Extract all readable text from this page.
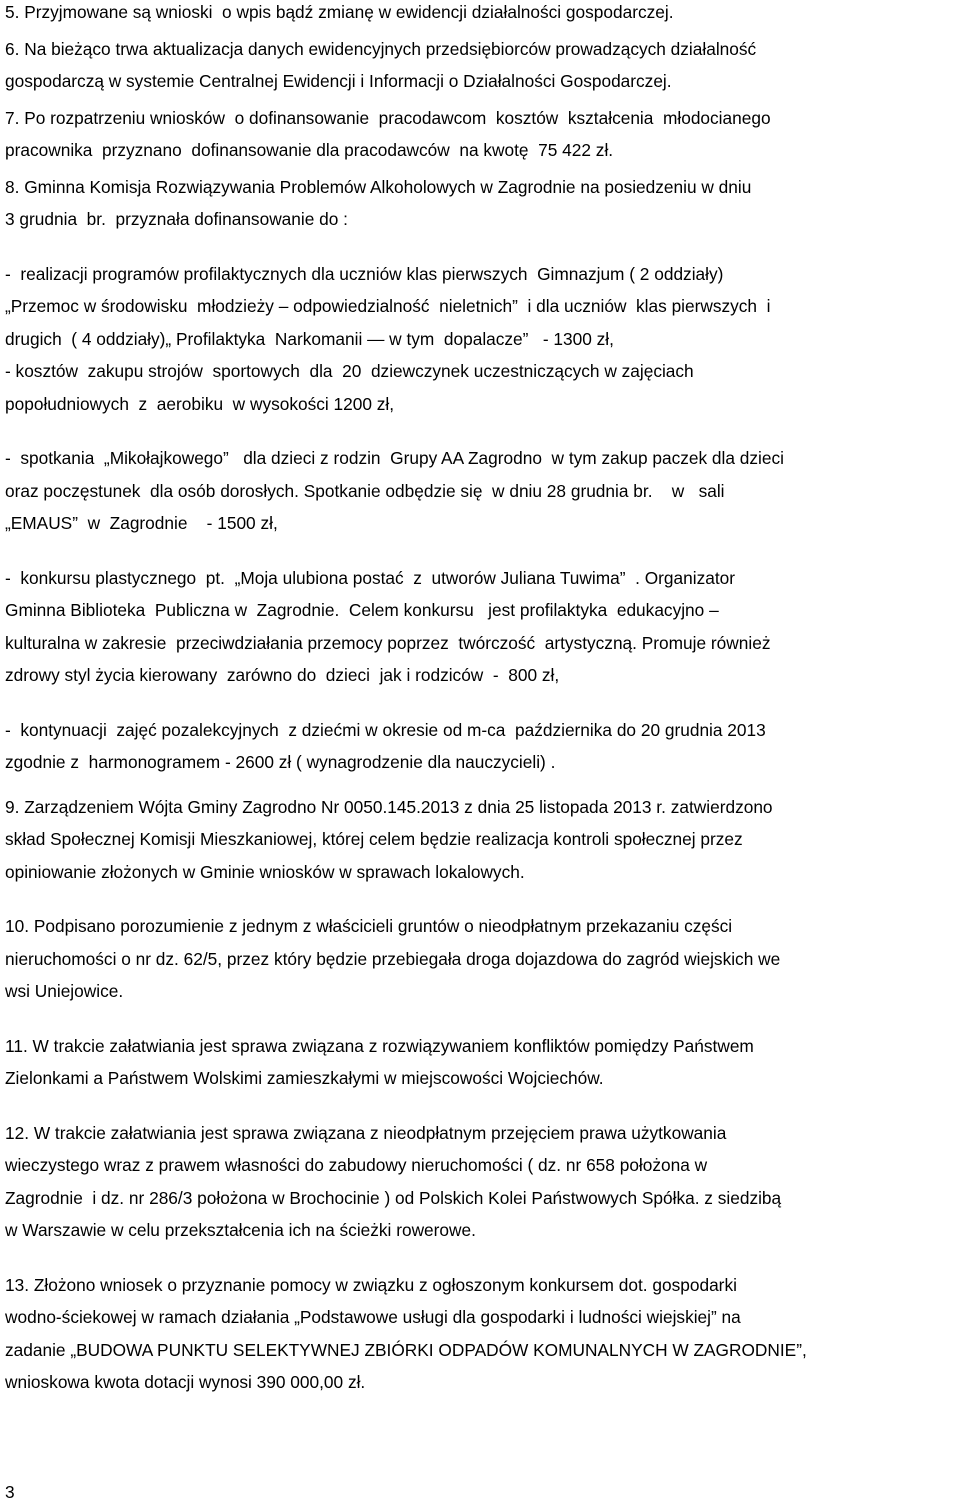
5. Przyjmowane są wnioski  o wpis bądź zmianę w ewidencji działalności gospodarczej.
6. Na bieżąco trwa aktualizacja danych ewidencyjnych przedsiębiorców prowadzących działalność
gospodarczą w systemie Centralnej Ewidencji i Informacji o Działalności Gospodarczej.
7. Po rozpatrzeniu wniosków  o dofinansowanie  pracodawcom  kosztów  kształcenia  młodocianego
pracownika  przyznano  dofinansowanie dla pracodawców  na kwotę  75 422 zł.
8. Gminna Komisja Rozwiązywania Problemów Alkoholowych w Zagrodnie na posiedzeniu w dniu
3 grudnia  br.  przyznała dofinansowanie do :
-  realizacji programów profilaktycznych dla uczniów klas pierwszych  Gimnazjum ( 2 oddziały)
„Przemoc w środowisku  młodzieży – odpowiedzialność  nieletnich”  i dla uczniów  klas pierwszych  i
drugich  ( 4 oddziały)„ Profilaktyka  Narkomanii — w tym  dopalacze”   - 1300 zł,
- kosztów  zakupu strojów  sportowych  dla  20  dziewczynek uczestniczących w zajęciach
popołudniowych  z  aerobiku  w wysokości 1200 zł,
-  spotkania  „Mikołajkowego”   dla dzieci z rodzin  Grupy AA Zagrodno  w tym zakup paczek dla dzieci
oraz poczęstunek  dla osób dorosłych. Spotkanie odbędzie się  w dniu 28 grudnia br.    w   sali
„EMAUS”  w  Zagrodnie    - 1500 zł,
-  konkursu plastycznego  pt.  „Moja ulubiona postać  z  utworów Juliana Tuwima”  . Organizator
Gminna Biblioteka  Publiczna w  Zagrodnie.  Celem konkursu   jest profilaktyka  edukacyjno –
kulturalna w zakresie  przeciwdziałania przemocy poprzez  twórczość  artystyczną. Promuje również
zdrowy styl życia kierowany  zarówno do  dzieci  jak i rodziców  -  800 zł,
-  kontynuacji  zajęć pozalekcyjnych  z dziećmi w okresie od m-ca  października do 20 grudnia 2013
zgodnie z  harmonogramem - 2600 zł ( wynagrodzenie dla nauczycieli) .
9. Zarządzeniem Wójta Gminy Zagrodno Nr 0050.145.2013 z dnia 25 listopada 2013 r. zatwierdzono
skład Społecznej Komisji Mieszkaniowej, której celem będzie realizacja kontroli społecznej przez
opiniowanie złożonych w Gminie wniosków w sprawach lokalowych.
10. Podpisano porozumienie z jednym z właścicieli gruntów o nieodpłatnym przekazaniu części
nieruchomości o nr dz. 62/5, przez który będzie przebiegała droga dojazdowa do zagród wiejskich we
wsi Uniejowice.
11. W trakcie załatwiania jest sprawa związana z rozwiązywaniem konfliktów pomiędzy Państwem
Zielonkami a Państwem Wolskimi zamieszkałymi w miejscowości Wojciechów.
12. W trakcie załatwiania jest sprawa związana z nieodpłatnym przejęciem prawa użytkowania
wieczystego wraz z prawem własności do zabudowy nieruchomości ( dz. nr 658 położona w
Zagrodnie  i dz. nr 286/3 położona w Brochocinie ) od Polskich Kolei Państwowych Spółka. z siedzibą
w Warszawie w celu przekształcenia ich na ścieżki rowerowe.
13. Złożono wniosek o przyznanie pomocy w związku z ogłoszonym konkursem dot. gospodarki
wodno-ściekowej w ramach działania „Podstawowe usługi dla gospodarki i ludności wiejskiej” na
zadanie „BUDOWA PUNKTU SELEKTYWNEJ ZBIÓRKI ODPADÓW KOMUNALNYCH W ZAGRODNIE”,
wnioskowa kwota dotacji wynosi 390 000,00 zł.
3
